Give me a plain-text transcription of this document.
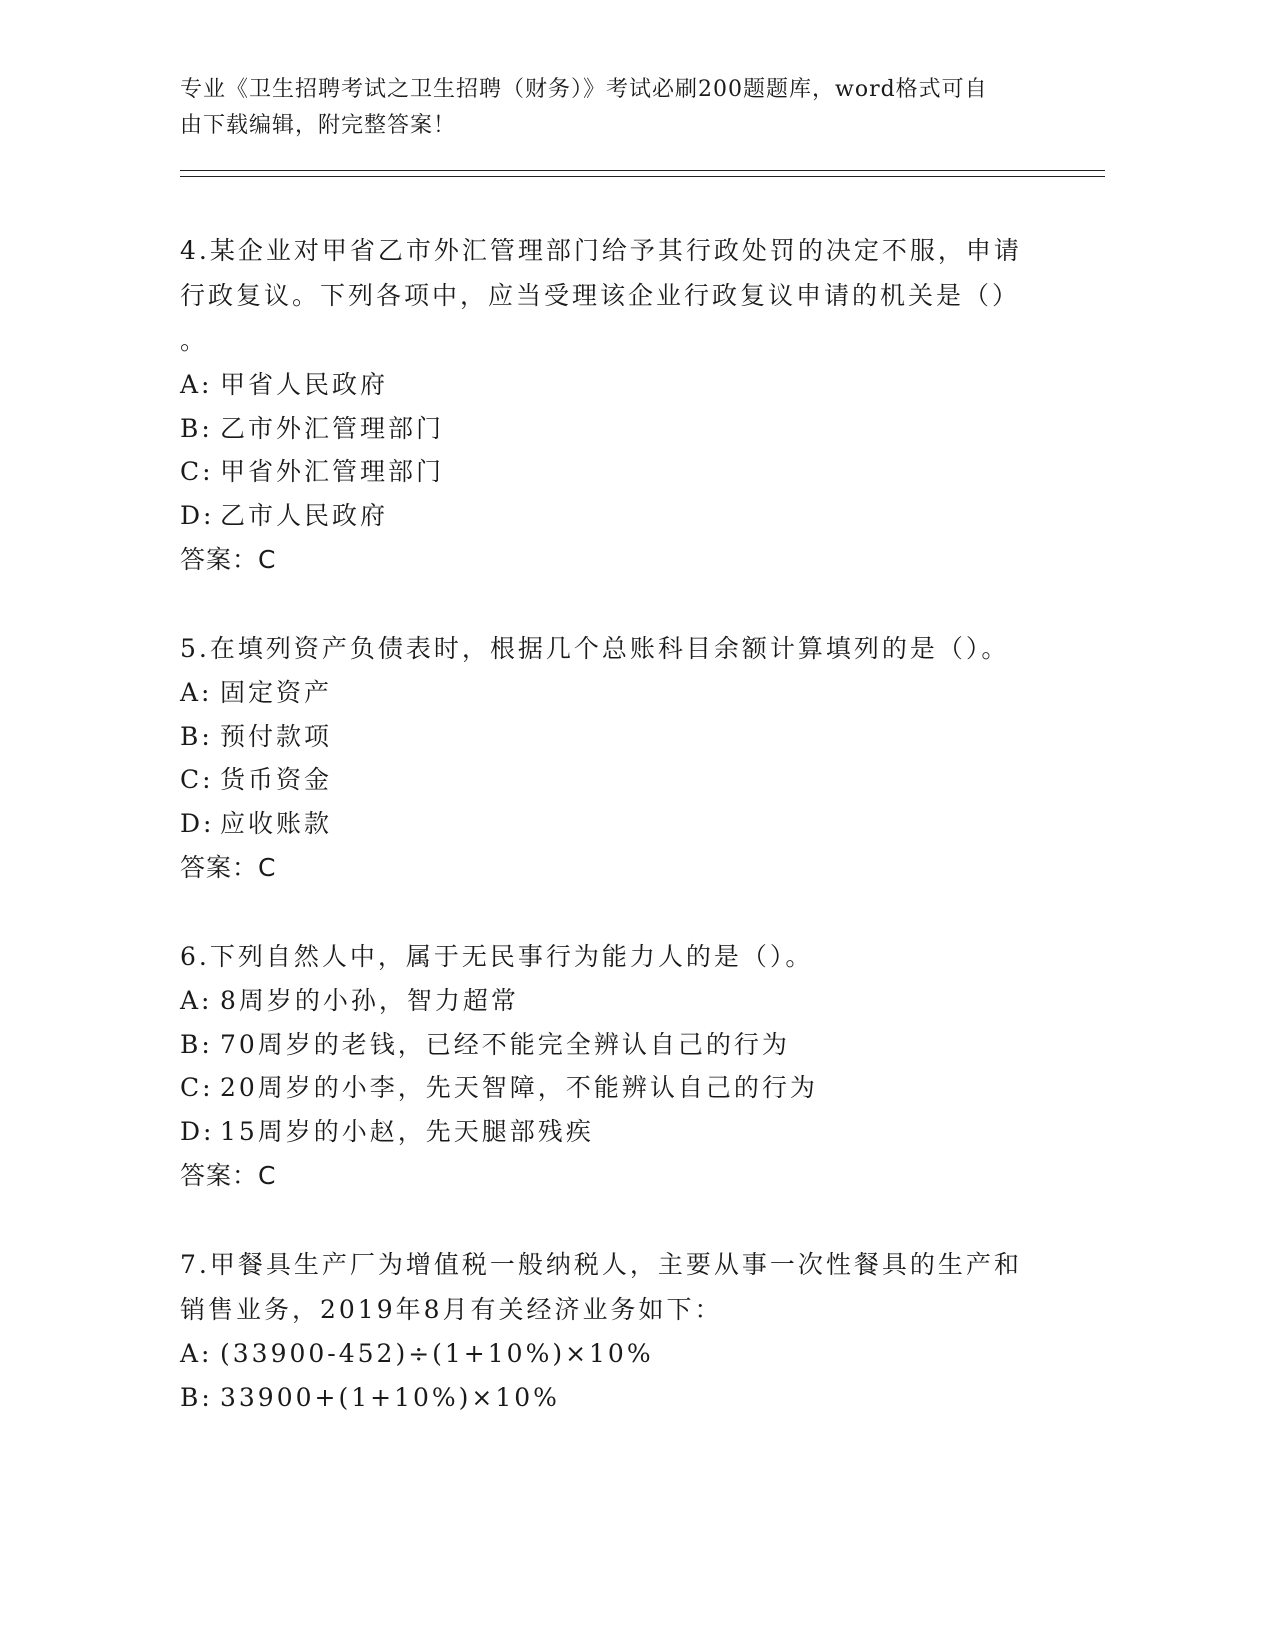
专业《卫生招聘考试之卫生招聘（财务）》考试必刷200题题库，word格式可自
由下载编辑，附完整答案！

4.某企业对甲省乙市外汇管理部门给予其行政处罚的决定不服，申请

行政复议。下列各项中，应当受理该企业行政复议申请的机关是（）

。

A: 甲省人民政府

B: 乙市外汇管理部门

C: 甲省外汇管理部门

D: 乙市人民政府

答案：C

5.在填列资产负债表时，根据几个总账科目余额计算填列的是（）。

A: 固定资产

B: 预付款项

C: 货币资金

D: 应收账款

答案：C

6.下列自然人中，属于无民事行为能力人的是（）。

A: 8周岁的小孙，智力超常

B: 70周岁的老钱，已经不能完全辨认自己的行为

C: 20周岁的小李，先天智障，不能辨认自己的行为

D: 15周岁的小赵，先天腿部残疾

答案：C

7.甲餐具生产厂为增值税一般纳税人，主要从事一次性餐具的生产和

销售业务，2019年8月有关经济业务如下：

A: (33900-452)÷(1+10%)×10%

B: 33900+(1+10%)×10%
